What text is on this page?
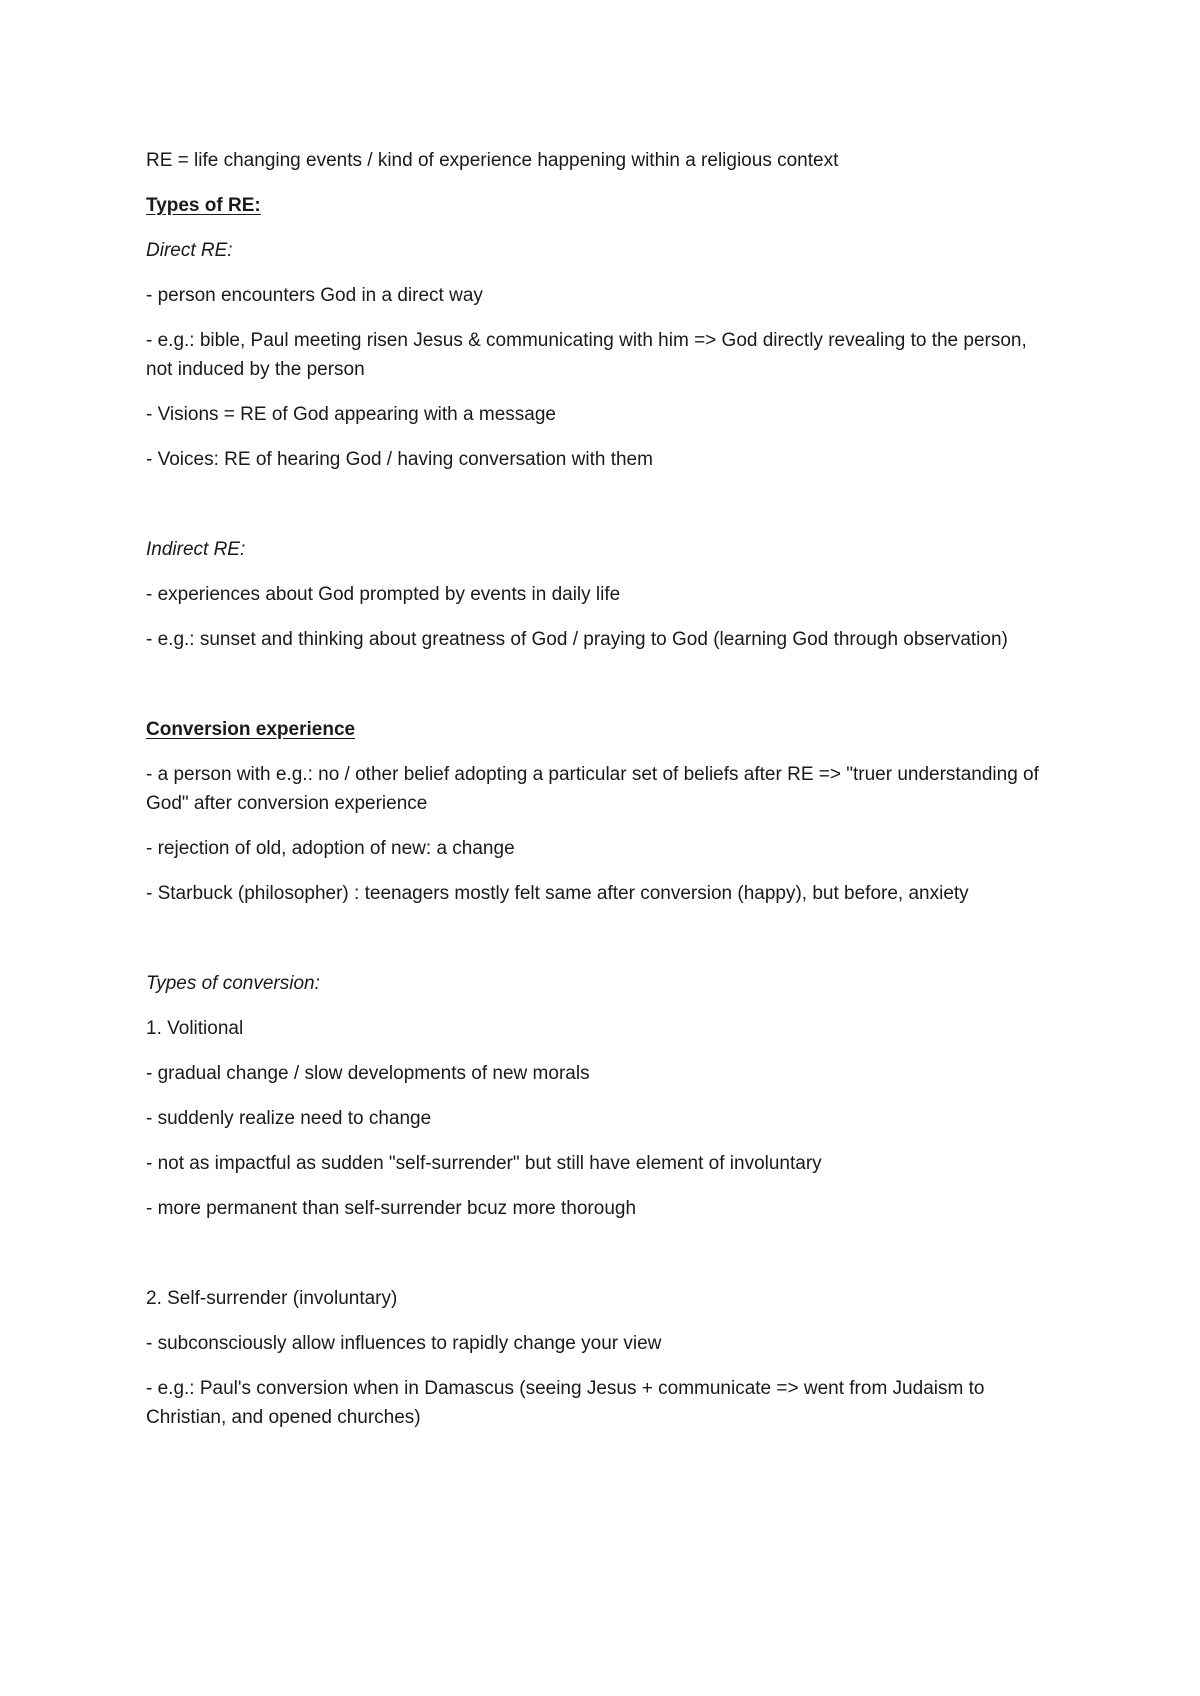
RE = life changing events / kind of experience happening within a religious context

Types of RE:

Direct RE:

- person encounters God in a direct way

- e.g.: bible, Paul meeting risen Jesus & communicating with him => God directly revealing to the person, not induced by the person

- Visions = RE of God appearing with a message

- Voices: RE of hearing God / having conversation with them

Indirect RE:

- experiences about God prompted by events in daily life

- e.g.: sunset and thinking about greatness of God / praying to God (learning God through observation)

Conversion experience

- a person with e.g.: no / other belief adopting a particular set of beliefs after RE => "truer understanding of God" after conversion experience

- rejection of old, adoption of new: a change

- Starbuck (philosopher) : teenagers mostly felt same after conversion (happy), but before, anxiety

Types of conversion:

1. Volitional

- gradual change / slow developments of new morals

- suddenly realize need to change

- not as impactful as sudden "self-surrender" but still have element of involuntary

- more permanent than self-surrender bcuz more thorough

2. Self-surrender (involuntary)

- subconsciously allow influences to rapidly change your view

- e.g.: Paul's conversion when in Damascus (seeing Jesus + communicate => went from Judaism to Christian, and opened churches)
